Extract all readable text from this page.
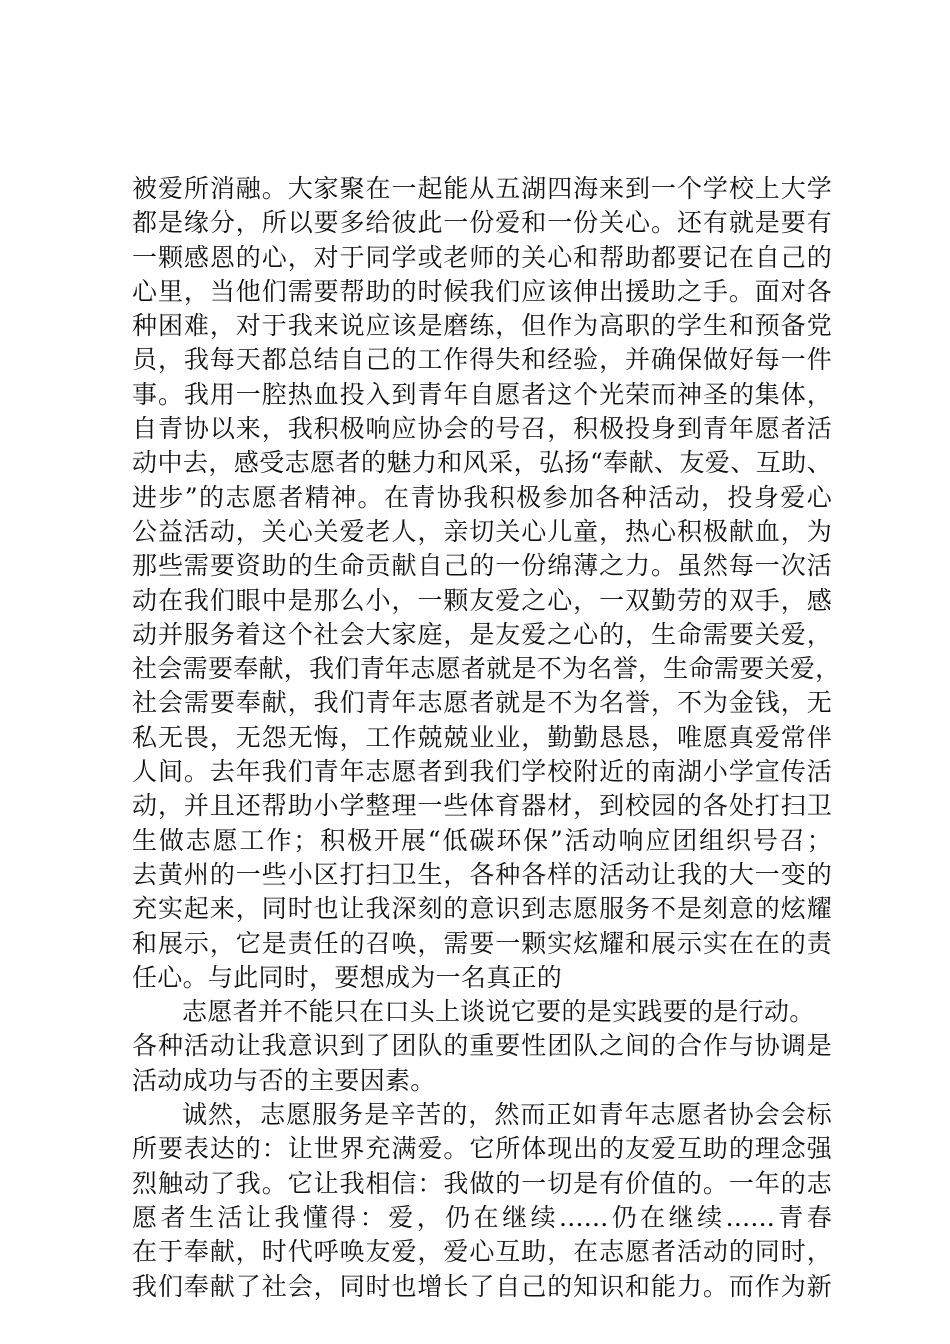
被爱所消融。大家聚在一起能从五湖四海来到一个学校上大学
都是缘分，所以要多给彼此一份爱和一份关心。还有就是要有
一颗感恩的心，对于同学或老师的关心和帮助都要记在自己的
心里，当他们需要帮助的时候我们应该伸出援助之手。面对各
种困难，对于我来说应该是磨练，但作为高职的学生和预备党
员，我每天都总结自己的工作得失和经验，并确保做好每一件
事。我用一腔热血投入到青年自愿者这个光荣而神圣的集体，
自青协以来，我积极响应协会的号召，积极投身到青年愿者活
动中去，感受志愿者的魅力和风采，弘扬“奉献、友爱、互助、
进步”的志愿者精神。在青协我积极参加各种活动，投身爱心
公益活动，关心关爱老人，亲切关心儿童，热心积极献血，为
那些需要资助的生命贡献自己的一份绵薄之力。虽然每一次活
动在我们眼中是那么小，一颗友爱之心，一双勤劳的双手，感
动并服务着这个社会大家庭，是友爱之心的，生命需要关爱，
社会需要奉献，我们青年志愿者就是不为名誉，生命需要关爱，
社会需要奉献，我们青年志愿者就是不为名誉，不为金钱，无
私无畏，无怨无悔，工作兢兢业业，勤勤恳恳，唯愿真爱常伴
人间。去年我们青年志愿者到我们学校附近的南湖小学宣传活
动，并且还帮助小学整理一些体育器材，到校园的各处打扫卫
生做志愿工作；积极开展“低碳环保”活动响应团组织号召；
去黄州的一些小区打扫卫生，各种各样的活动让我的大一变的
充实起来，同时也让我深刻的意识到志愿服务不是刻意的炫耀
和展示，它是责任的召唤，需要一颗实炫耀和展示实在在的责
任心。与此同时，要想成为一名真正的
志愿者并不能只在口头上谈说它要的是实践要的是行动。
各种活动让我意识到了团队的重要性团队之间的合作与协调是
活动成功与否的主要因素。
诚然，志愿服务是辛苦的，然而正如青年志愿者协会会标
所要表达的：让世界充满爱。它所体现出的友爱互助的理念强
烈触动了我。它让我相信：我做的一切是有价值的。一年的志
愿者生活让我懂得：爱，仍在继续......仍在继续......青春
在于奉献，时代呼唤友爱，爱心互助，在志愿者活动的同时，
我们奉献了社会，同时也增长了自己的知识和能力。而作为新
